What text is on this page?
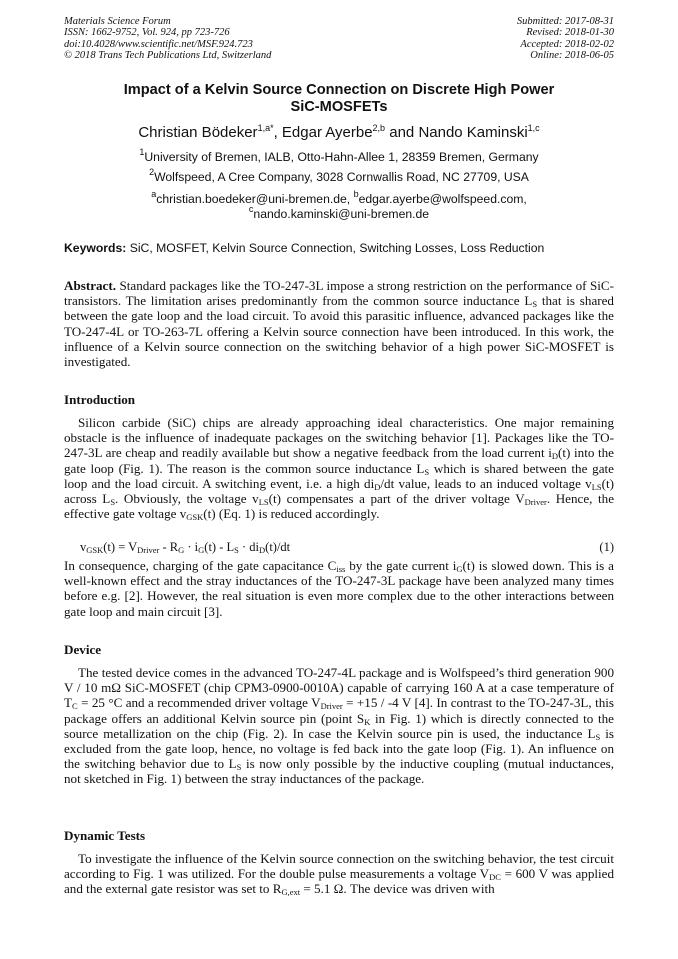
Materials Science Forum
ISSN: 1662-9752, Vol. 924, pp 723-726
doi:10.4028/www.scientific.net/MSF.924.723
© 2018 Trans Tech Publications Ltd, Switzerland
Submitted: 2017-08-31
Revised: 2018-01-30
Accepted: 2018-02-02
Online: 2018-06-05
Impact of a Kelvin Source Connection on Discrete High Power
SiC-MOSFETs
Christian Bödeker$^{1,a*}$, Edgar Ayerbe$^{2,b}$ and Nando Kaminski$^{1,c}$
$^1$University of Bremen, IALB, Otto-Hahn-Allee 1, 28359 Bremen, Germany
$^2$Wolfspeed, A Cree Company, 3028 Cornwallis Road, NC 27709, USA
$^a$christian.boedeker@uni-bremen.de, $^b$edgar.ayerbe@wolfspeed.com,
$^c$nando.kaminski@uni-bremen.de
Keywords: SiC, MOSFET, Kelvin Source Connection, Switching Losses, Loss Reduction
Abstract. Standard packages like the TO-247-3L impose a strong restriction on the performance of SiC-transistors. The limitation arises predominantly from the common source inductance $L_S$ that is shared between the gate loop and the load circuit. To avoid this parasitic influence, advanced packages like the TO-247-4L or TO-263-7L offering a Kelvin source connection have been introduced. In this work, the influence of a Kelvin source connection on the switching behavior of a high power SiC-MOSFET is investigated.
Introduction
Silicon carbide (SiC) chips are already approaching ideal characteristics. One major remaining obstacle is the influence of inadequate packages on the switching behavior [1]. Packages like the TO-247-3L are cheap and readily available but show a negative feedback from the load current $i_D(t)$ into the gate loop (Fig. 1). The reason is the common source inductance $L_S$ which is shared between the gate loop and the load circuit. A switching event, i.e. a high $di_D/dt$ value, leads to an induced voltage $v_{LS}(t)$ across $L_S$. Obviously, the voltage $v_{LS}(t)$ compensates a part of the driver voltage $V_{Driver}$. Hence, the effective gate voltage $v_{GSK}(t)$ (Eq. 1) is reduced accordingly.
$v_{GSK}(t) = V_{Driver} - R_G \cdot i_G(t) - L_S \cdot di_D(t)/dt$	(1)
In consequence, charging of the gate capacitance $C_{iss}$ by the gate current $i_G(t)$ is slowed down. This is a well-known effect and the stray inductances of the TO-247-3L package have been analyzed many times before e.g. [2]. However, the real situation is even more complex due to the other interactions between gate loop and main circuit [3].
Device
The tested device comes in the advanced TO-247-4L package and is Wolfspeed’s third generation 900 V / 10 mΩ SiC-MOSFET (chip CPM3-0900-0010A) capable of carrying 160 A at a case temperature of $T_C = 25$ °C and a recommended driver voltage $V_{Driver} = +15 / -4$ V [4]. In contrast to the TO-247-3L, this package offers an additional Kelvin source pin (point $S_K$ in Fig. 1) which is directly connected to the source metallization on the chip (Fig. 2). In case the Kelvin source pin is used, the inductance $L_S$ is excluded from the gate loop, hence, no voltage is fed back into the gate loop (Fig. 1). An influence on the switching behavior due to $L_S$ is now only possible by the inductive coupling (mutual inductances, not sketched in Fig. 1) between the stray inductances of the package.
Dynamic Tests
To investigate the influence of the Kelvin source connection on the switching behavior, the test circuit according to Fig. 1 was utilized. For the double pulse measurements a voltage $V_{DC} = 600$ V was applied and the external gate resistor was set to $R_{G,ext} = 5.1$ Ω. The device was driven with
